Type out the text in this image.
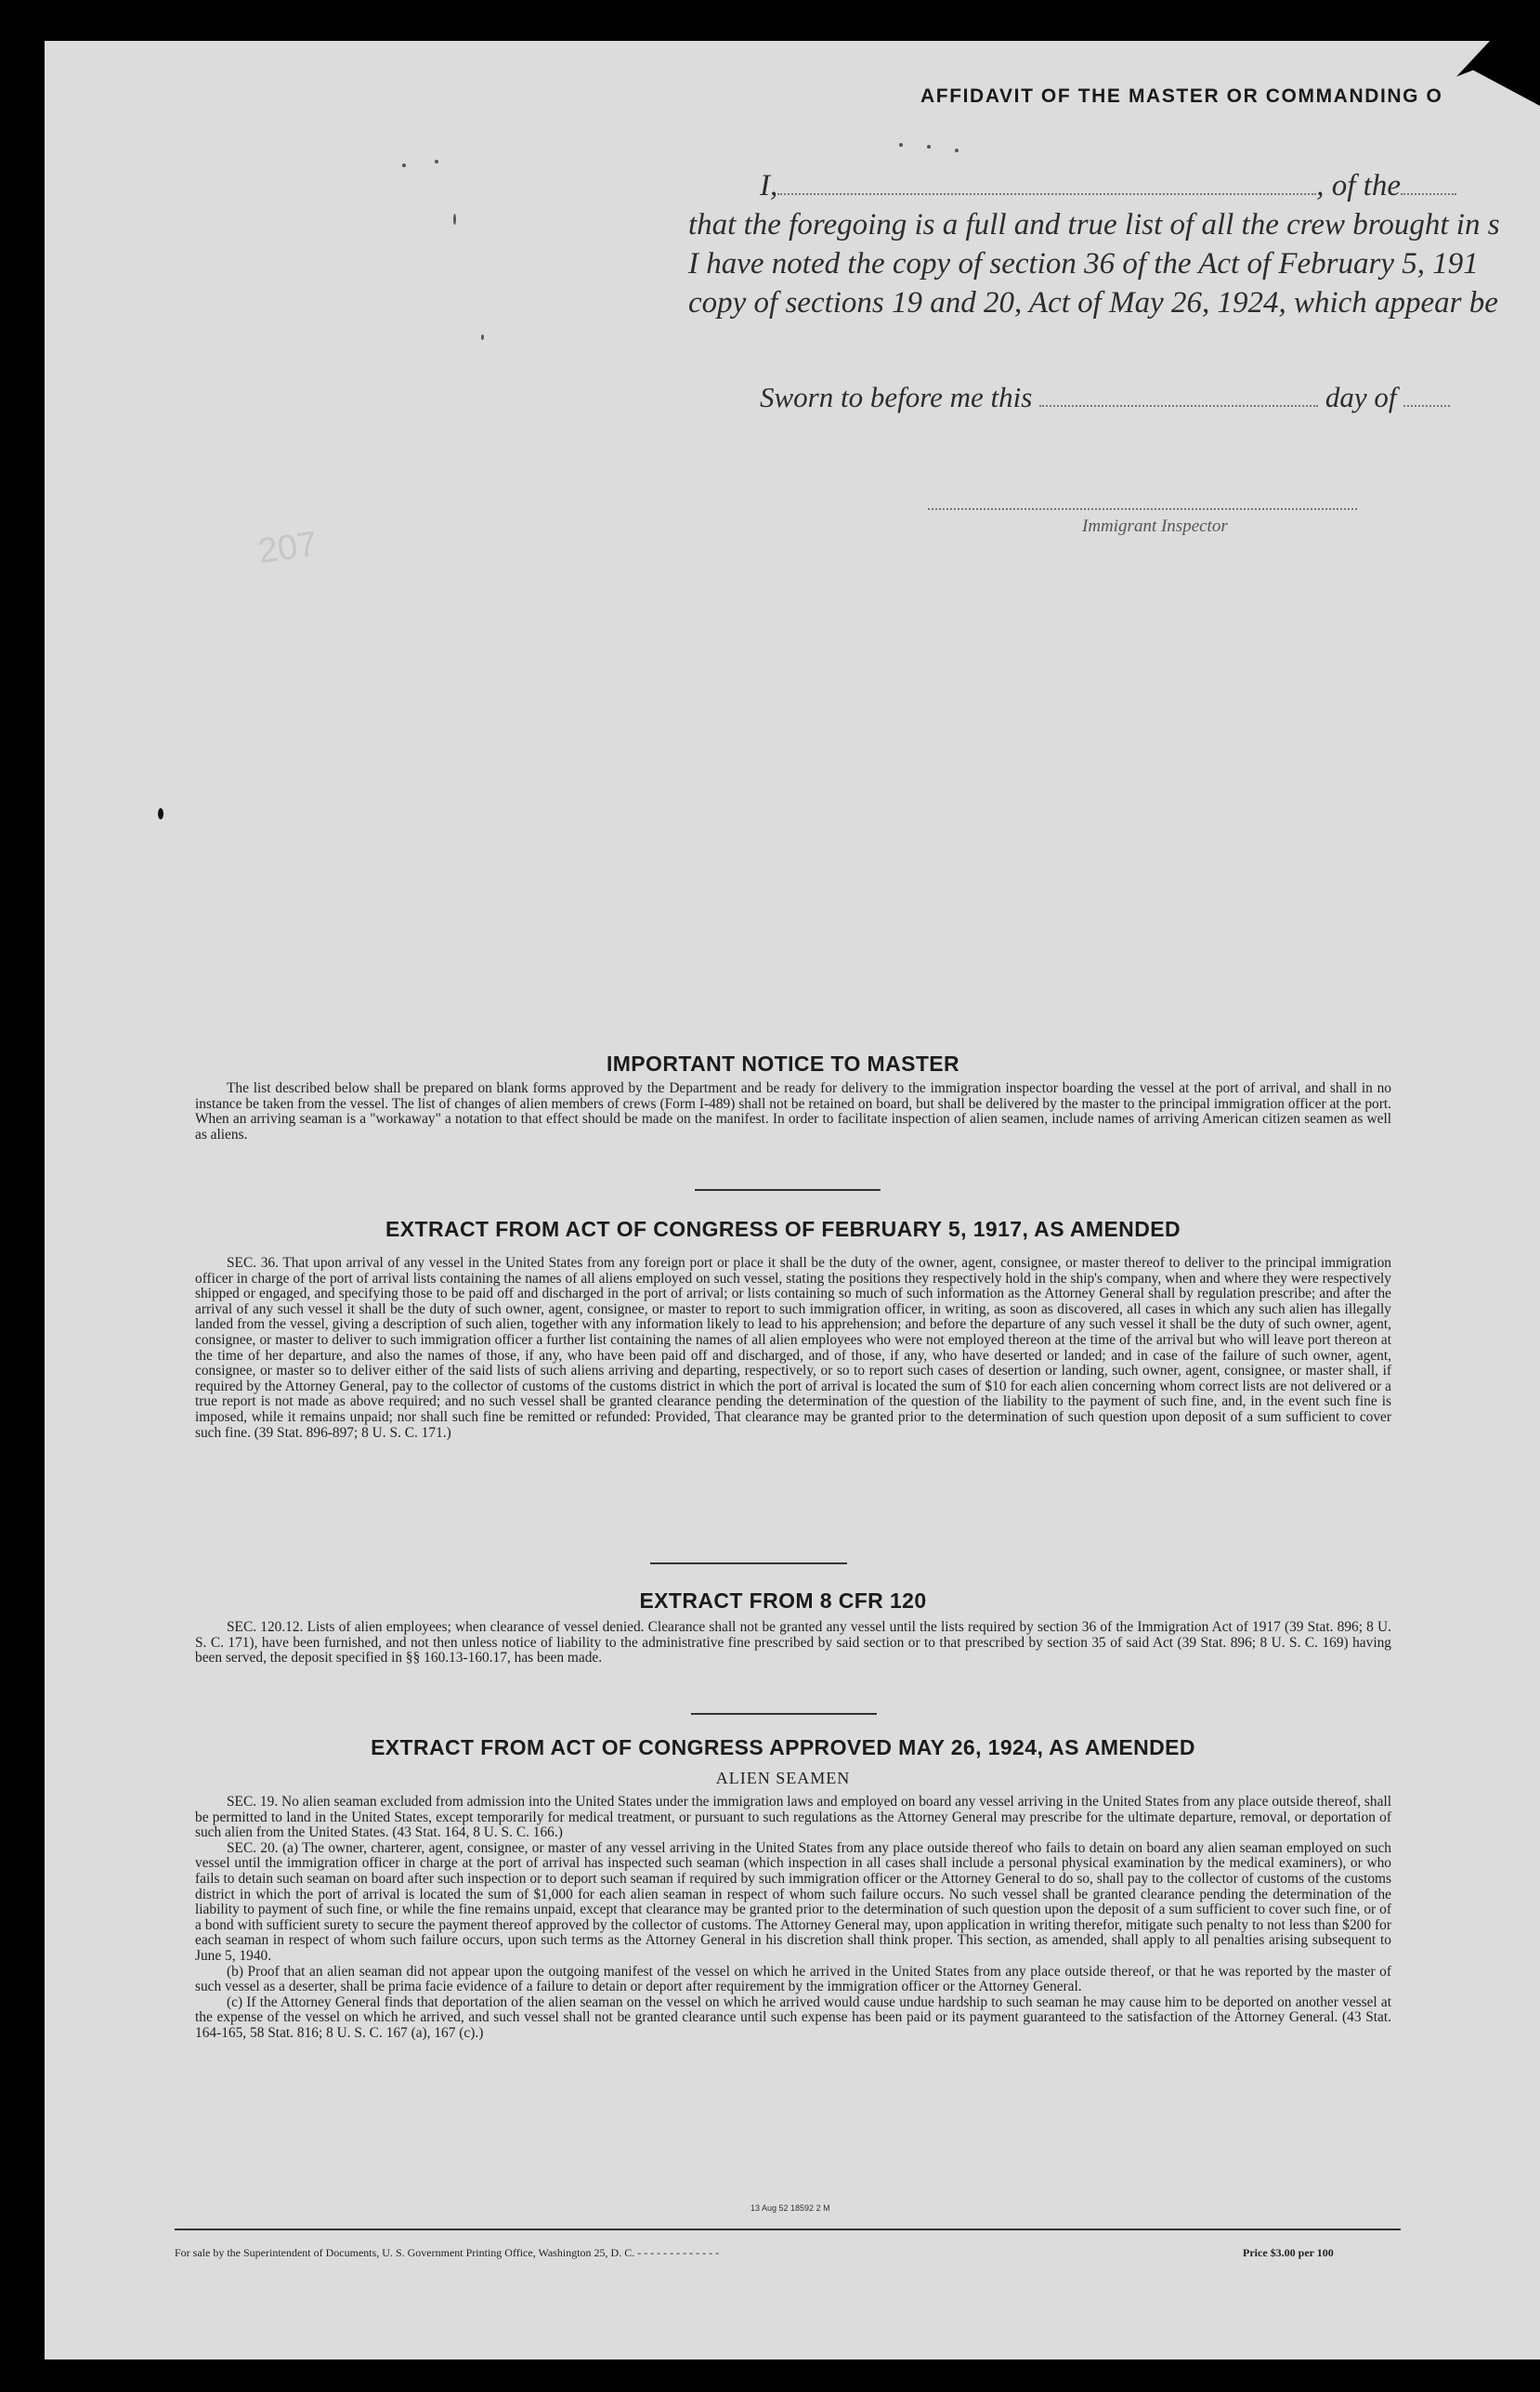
AFFIDAVIT OF THE MASTER OR COMMANDING O
I,	, of the
that the foregoing is a full and true list of all the crew brought in s
I have noted the copy of section 36 of the Act of February 5, 191
copy of sections 19 and 20, Act of May 26, 1924, which appear be
Sworn to before me this	day of
Immigrant Inspector
207
IMPORTANT NOTICE TO MASTER

The list described below shall be prepared on blank forms approved by the Department and be ready for delivery to the immigration inspector boarding the vessel at the port of arrival, and shall in no instance be taken from the vessel. The list of changes of alien members of crews (Form I-489) shall not be retained on board, but shall be delivered by the master to the principal immigration officer at the port. When an arriving seaman is a "workaway" a notation to that effect should be made on the manifest. In order to facilitate inspection of alien seamen, include names of arriving American citizen seamen as well as aliens.

EXTRACT FROM ACT OF CONGRESS OF FEBRUARY 5, 1917, AS AMENDED

SEC. 36. That upon arrival of any vessel in the United States from any foreign port or place it shall be the duty of the owner, agent, consignee, or master thereof to deliver to the principal immigration officer in charge of the port of arrival lists containing the names of all aliens employed on such vessel, stating the positions they respectively hold in the ship's company, when and where they were respectively shipped or engaged, and specifying those to be paid off and discharged in the port of arrival; or lists containing so much of such information as the Attorney General shall by regulation prescribe; and after the arrival of any such vessel it shall be the duty of such owner, agent, consignee, or master to report to such immigration officer, in writing, as soon as discovered, all cases in which any such alien has illegally landed from the vessel, giving a description of such alien, together with any information likely to lead to his apprehension; and before the departure of any such vessel it shall be the duty of such owner, agent, consignee, or master to deliver to such immigration officer a further list containing the names of all alien employees who were not employed thereon at the time of the arrival but who will leave port thereon at the time of her departure, and also the names of those, if any, who have been paid off and discharged, and of those, if any, who have deserted or landed; and in case of the failure of such owner, agent, consignee, or master so to deliver either of the said lists of such aliens arriving and departing, respectively, or so to report such cases of desertion or landing, such owner, agent, consignee, or master shall, if required by the Attorney General, pay to the collector of customs of the customs district in which the port of arrival is located the sum of $10 for each alien concerning whom correct lists are not delivered or a true report is not made as above required; and no such vessel shall be granted clearance pending the determination of the question of the liability to the payment of such fine, and, in the event such fine is imposed, while it remains unpaid; nor shall such fine be remitted or refunded: Provided, That clearance may be granted prior to the determination of such question upon deposit of a sum sufficient to cover such fine. (39 Stat. 896-897; 8 U. S. C. 171.)

EXTRACT FROM 8 CFR 120

SEC. 120.12. Lists of alien employees; when clearance of vessel denied. Clearance shall not be granted any vessel until the lists required by section 36 of the Immigration Act of 1917 (39 Stat. 896; 8 U. S. C. 171), have been furnished, and not then unless notice of liability to the administrative fine prescribed by said section or to that prescribed by section 35 of said Act (39 Stat. 896; 8 U. S. C. 169) having been served, the deposit specified in §§ 160.13-160.17, has been made.

EXTRACT FROM ACT OF CONGRESS APPROVED MAY 26, 1924, AS AMENDED
ALIEN SEAMEN

SEC. 19. No alien seaman excluded from admission into the United States under the immigration laws and employed on board any vessel arriving in the United States from any place outside thereof, shall be permitted to land in the United States, except temporarily for medical treatment, or pursuant to such regulations as the Attorney General may prescribe for the ultimate departure, removal, or deportation of such alien from the United States. (43 Stat. 164, 8 U. S. C. 166.)

SEC. 20. (a) The owner, charterer, agent, consignee, or master of any vessel arriving in the United States from any place outside thereof who fails to detain on board any alien seaman employed on such vessel until the immigration officer in charge at the port of arrival has inspected such seaman (which inspection in all cases shall include a personal physical examination by the medical examiners), or who fails to detain such seaman on board after such inspection or to deport such seaman if required by such immigration officer or the Attorney General to do so, shall pay to the collector of customs of the customs district in which the port of arrival is located the sum of $1,000 for each alien seaman in respect of whom such failure occurs. No such vessel shall be granted clearance pending the determination of the liability to payment of such fine, or while the fine remains unpaid, except that clearance may be granted prior to the determination of such question upon the deposit of a sum sufficient to cover such fine, or of a bond with sufficient surety to secure the payment thereof approved by the collector of customs. The Attorney General may, upon application in writing therefor, mitigate such penalty to not less than $200 for each seaman in respect of whom such failure occurs, upon such terms as the Attorney General in his discretion shall think proper. This section, as amended, shall apply to all penalties arising subsequent to June 5, 1940.

(b) Proof that an alien seaman did not appear upon the outgoing manifest of the vessel on which he arrived in the United States from any place outside thereof, or that he was reported by the master of such vessel as a deserter, shall be prima facie evidence of a failure to detain or deport after requirement by the immigration officer or the Attorney General.

(c) If the Attorney General finds that deportation of the alien seaman on the vessel on which he arrived would cause undue hardship to such seaman he may cause him to be deported on another vessel at the expense of the vessel on which he arrived, and such vessel shall not be granted clearance until such expense has been paid or its payment guaranteed to the satisfaction of the Attorney General. (43 Stat. 164-165, 58 Stat. 816; 8 U. S. C. 167 (a), 167 (c).)

13 Aug 52 18592 2 M
For sale by the Superintendent of Documents, U. S. Government Printing Office, Washington 25, D. C. - - - - - - - - - - - - -	Price $3.00 per 100
